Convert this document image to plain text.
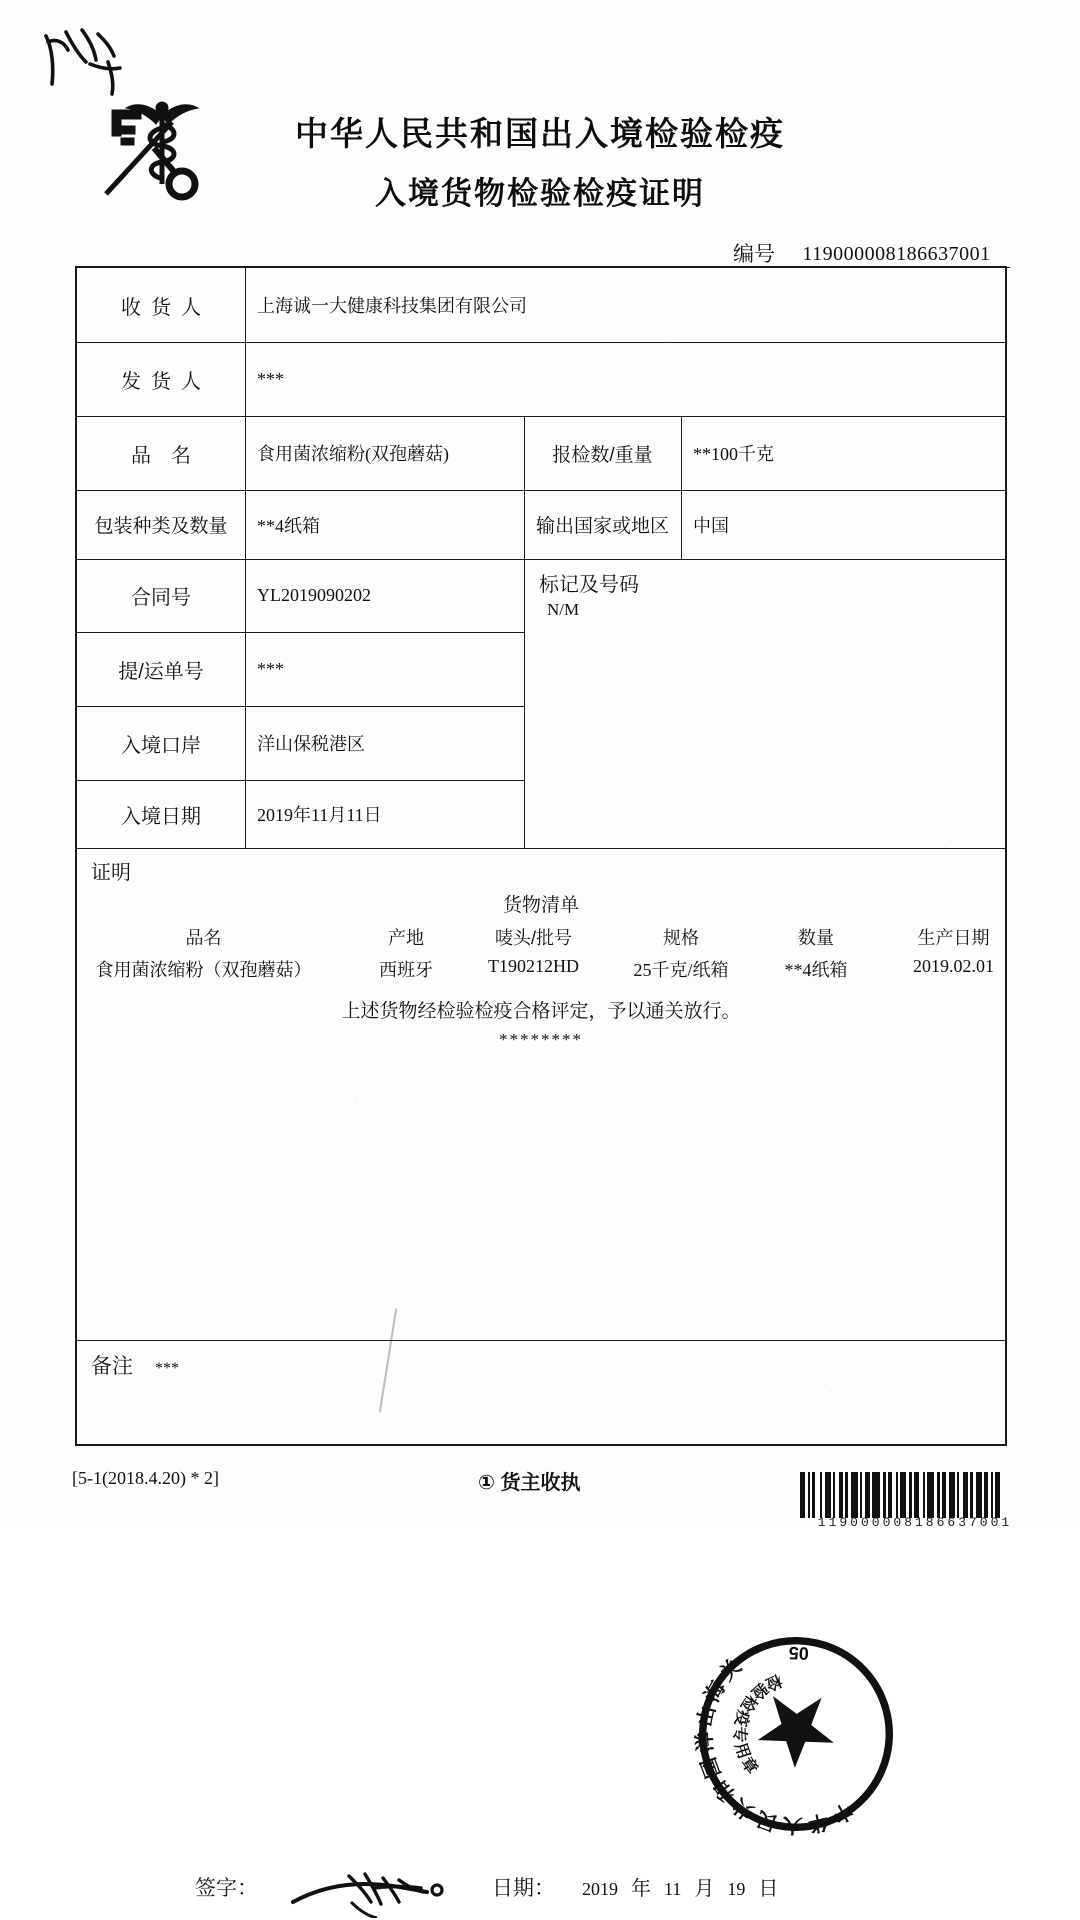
中华人民共和国出入境检验检疫
入境货物检验检疫证明
编号	119000008186637001
收货人	上海诚一大健康科技集团有限公司
发货人	***
品　名	食用菌浓缩粉(双孢蘑菇)	报检数/重量	**100千克
包装种类及数量	**4纸箱	输出国家或地区	中国
合同号	YL2019090202	标记及号码
N/M
提/运单号	***
入境口岸	洋山保税港区
入境日期	2019年11月11日
证明
货物清单
品名	产地	唛头/批号	规格	数量	生产日期
食用菌浓缩粉（双孢蘑菇）	西班牙	T190212HD	25千克/纸箱	**4纸箱	2019.02.01
上述货物经检验检疫合格评定，予以通关放行。
********
中华人民共和国洋山海关 检验检疫专用章
05
签字：	日期： 2019 年 11 月 19 日
备注 ***
[5-1(2018.4.20) * 2]	① 货主收执
119000008186637001
